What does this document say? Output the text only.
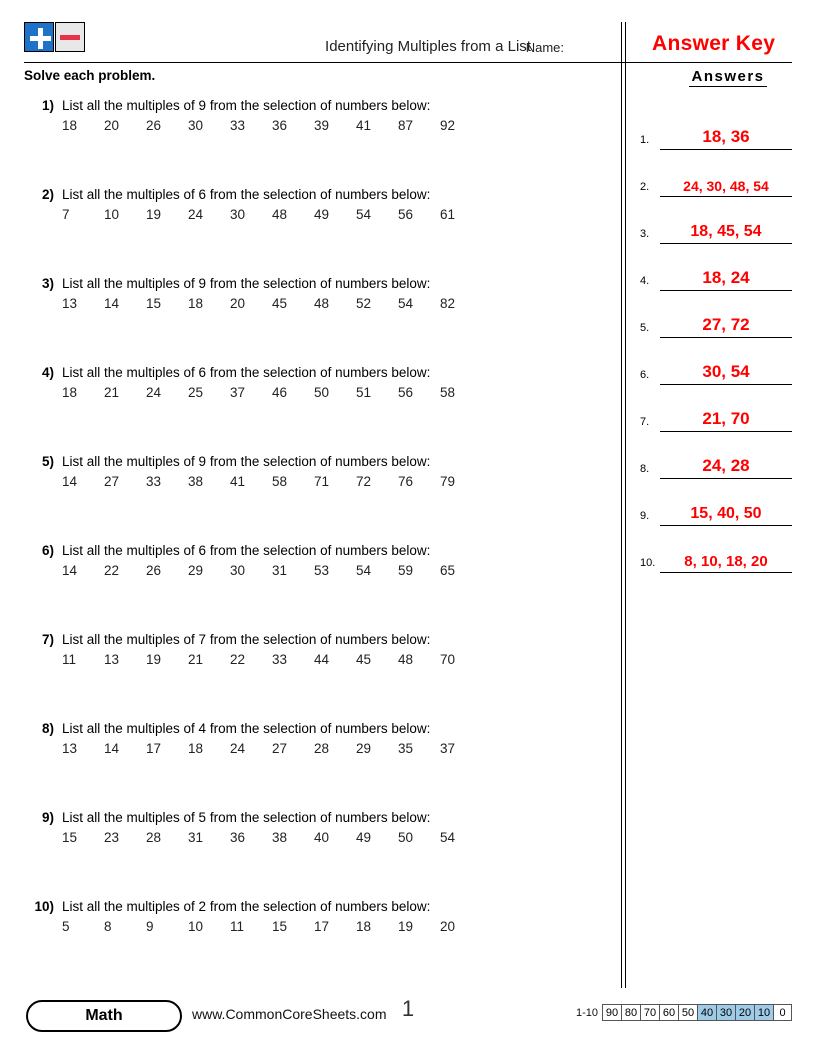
Identifying Multiples from a List
Name:	Answer Key
Solve each problem.
1) List all the multiples of 9 from the selection of numbers below:
18 20 26 30 33 36 39 41 87 92
2) List all the multiples of 6 from the selection of numbers below:
7	10 19 24 30 48 49 54 56 61
3) List all the multiples of 9 from the selection of numbers below:
13 14 15 18 20 45 48 52 54 82
4) List all the multiples of 6 from the selection of numbers below:
18 21 24 25 37 46 50 51 56 58
5) List all the multiples of 9 from the selection of numbers below:
14 27 33 38 41 58 71 72 76 79
6) List all the multiples of 6 from the selection of numbers below:
14 22 26 29 30 31 53 54 59 65
7) List all the multiples of 7 from the selection of numbers below:
11 13 19 21 22 33 44 45 48 70
8) List all the multiples of 4 from the selection of numbers below:
13 14 17 18 24 27 28 29 35 37
9) List all the multiples of 5 from the selection of numbers below:
15 23 28 31 36 38 40 49 50 54
10) List all the multiples of 2 from the selection of numbers below:
5	8	9	10 11 15 17 18 19 20
Answers
1.	18, 36
2.	24, 30, 48, 54
3.	18, 45, 54
4.	18, 24
5.	27, 72
6.	30, 54
7.	21, 70
8.	24, 28
9.	15, 40, 50
10.	8, 10, 18, 20
Math	www.CommonCoreSheets.com 1	1-10 90 80 70 60 50 40 30 20 10 0
